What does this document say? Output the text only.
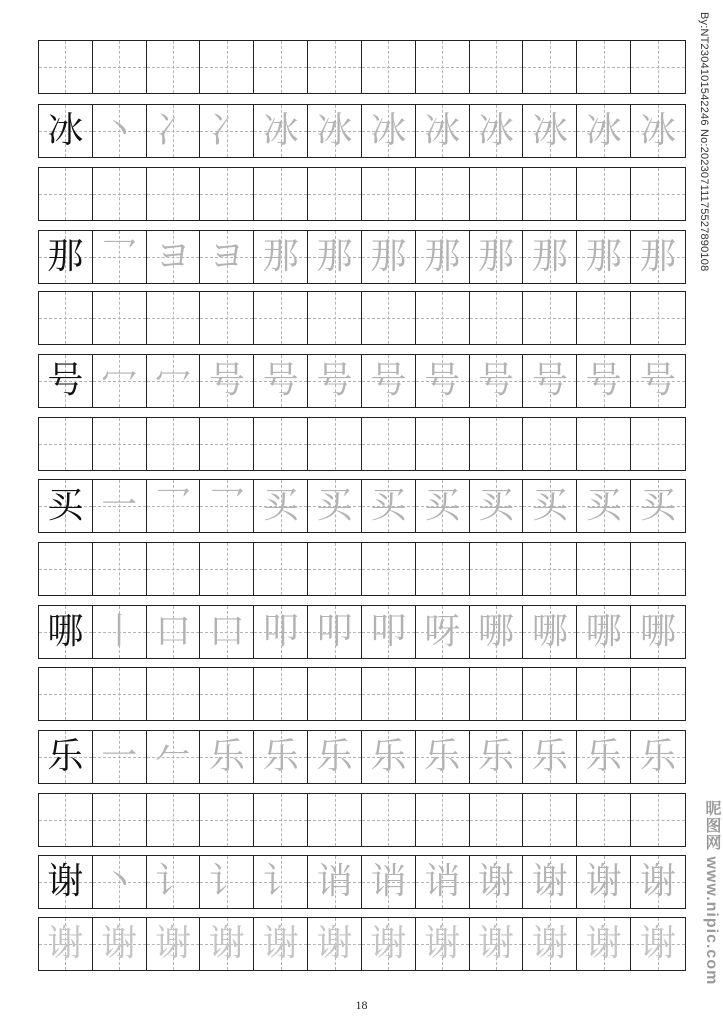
冰 丶 冫 冫 冰 冰 冰 冰 冰 冰 冰 冰
那 乛 ヨ ヨ 那 那 那 那 那 那 那 那
号 冖 冖 号 号 号 号 号 号 号 号 号
买 一 乛 乛 买 买 买 买 买 买 买 买
哪 丨 口 口 叩 叩 叩 呀 哪 哪 哪 哪
乐 一 𠂉 乐 乐 乐 乐 乐 乐 乐 乐 乐
谢 丶 讠 讠 讠 诮 诮 诮 谢 谢 谢 谢
谢 谢 谢 谢 谢 谢 谢 谢 谢 谢 谢 谢
By:NT2304101542246 No:20230711175527890108
昵图网 www.nipic.com
18
